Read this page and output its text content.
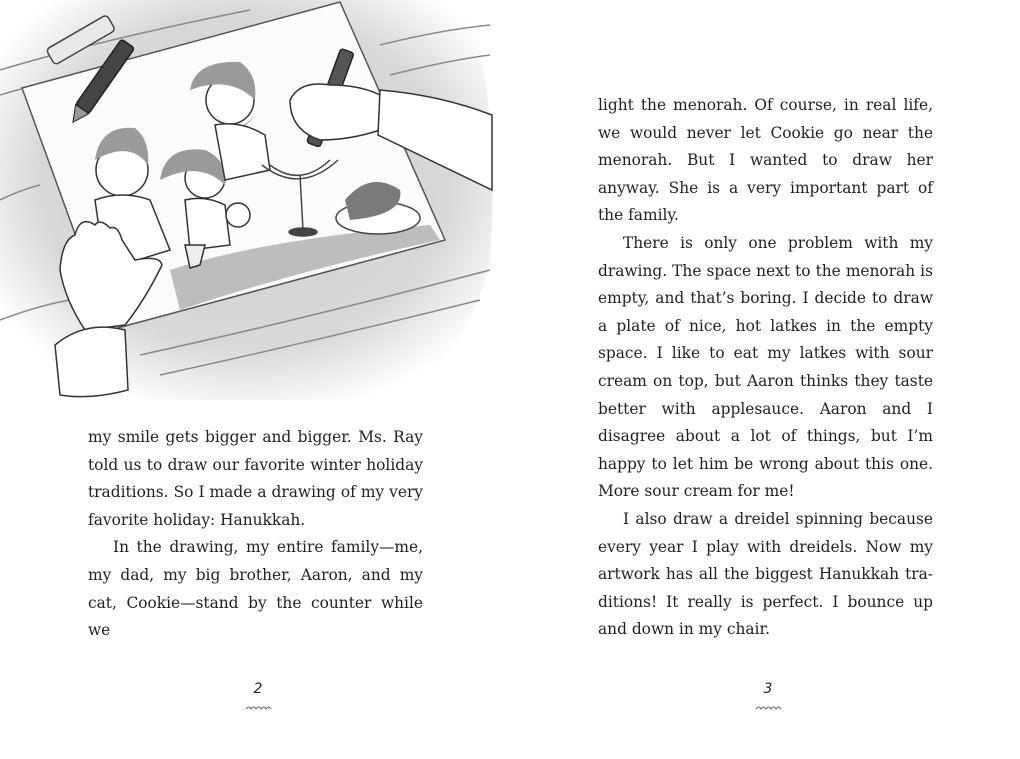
my smile gets bigger and bigger. Ms. Ray told us to draw our favorite winter holiday traditions. So I made a drawing of my very favorite holiday: Hanukkah.

In the drawing, my entire family—me, my dad, my big brother, Aaron, and my cat, Cookie—stand by the counter while we

2

light the menorah. Of course, in real life, we would never let Cookie go near the menorah. But I wanted to draw her anyway. She is a very important part of the family.

There is only one problem with my drawing. The space next to the menorah is empty, and that’s boring. I decide to draw a plate of nice, hot latkes in the empty space. I like to eat my latkes with sour cream on top, but Aaron thinks they taste better with applesauce. Aaron and I disagree about a lot of things, but I’m happy to let him be wrong about this one. More sour cream for me!

I also draw a dreidel spinning because every year I play with dreidels. Now my artwork has all the biggest Hanukkah traditions! It really is perfect. I bounce up and down in my chair.

3
